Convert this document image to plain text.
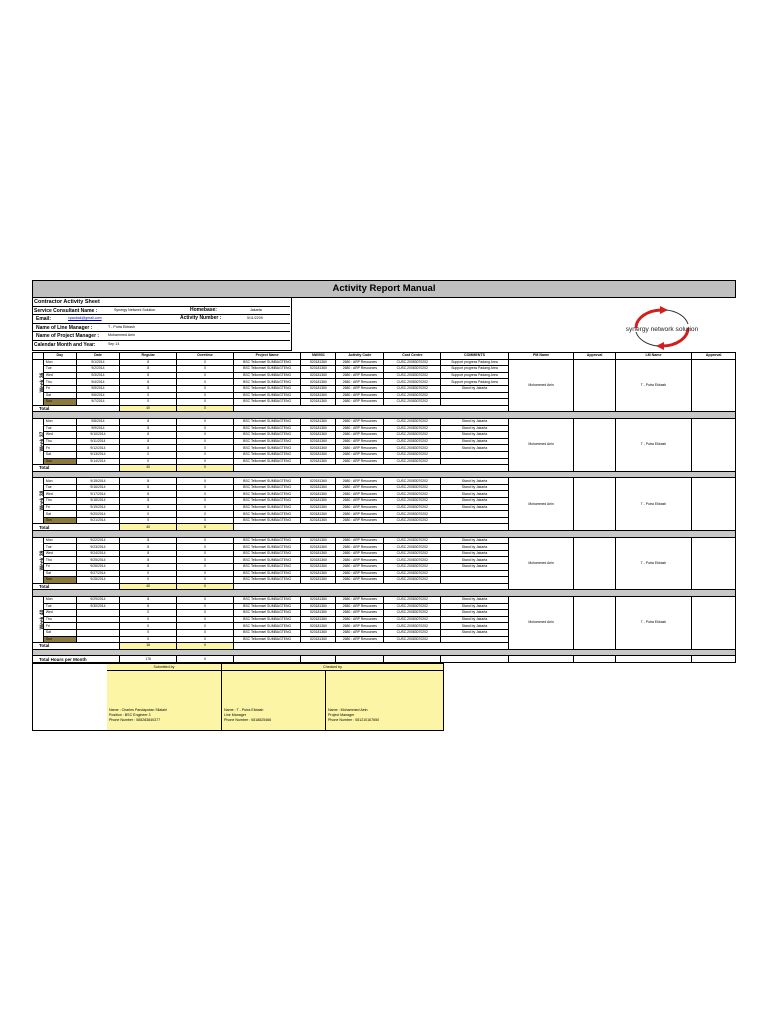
Activity Report Manual
Contractor Activity Sheet
Service Consultant Name :	Synergy Network Solution	Homebase:	Jakarta
Email:	cpaobak@gmail.com	Activity Number :	5/11/2209
Name of Line Manager :	T - Putra Ekbash
Name of Project Manager : Mohammed Aein
Calendar Month and Year:	Sep 14
synergy network solution
	Day	Date	Regular	Overtime	Project Name	NW/001	Activity Code	Cost Centre	COMMENTS	PM Name	Approval	LM Name	Approval
Week 36	Mon	9/1/2014	8	0	BSC Telkomsel SUMBAGTENG	520181360	2680 : ARP Resources	CUSC.20083070202	Support progress Padang Area	Mohammed Aein		T - Putra Ekbash	
	Tue	9/2/2014	8	0	BSC Telkomsel SUMBAGTENG	520181360	2680 : ARP Resources	CUSC.20083070202	Support progress Padang Area				
	Wed	9/3/2014	8	0	BSC Telkomsel SUMBAGTENG	520181360	2680 : ARP Resources	CUSC.20083070202	Support progress Padang Area				
	Thu	9/4/2014	8	0	BSC Telkomsel SUMBAGTENG	520181360	2680 : ARP Resources	CUSC.20083070202	Support progress Padang Area				
	Fri	9/5/2014	8	0	BSC Telkomsel SUMBAGTENG	520181360	2680 : ARP Resources	CUSC.20083070202	Stand by Jakarta				
	Sat	9/6/2014	0	0	BSC Telkomsel SUMBAGTENG	520181360	2680 : ARP Resources	CUSC.20083070202					
	Sun	9/7/2014	0	0	BSC Telkomsel SUMBAGTENG	520181360	2680 : ARP Resources	CUSC.20083070202					
Total			40	0									

Week 37	Mon	9/8/2014	8	0	BSC Telkomsel SUMBAGTENG	520181360	2680 : ARP Resources	CUSC.20083070202	Stand by Jakarta	Mohammed Aein		T - Putra Ekbash	
	Tue	9/9/2014	8	0	BSC Telkomsel SUMBAGTENG	520181360	2680 : ARP Resources	CUSC.20083070202	Stand by Jakarta				
	Wed	9/10/2014	8	0	BSC Telkomsel SUMBAGTENG	520181360	2680 : ARP Resources	CUSC.20083070202	Stand by Jakarta				
	Thu	9/11/2014	8	0	BSC Telkomsel SUMBAGTENG	520181360	2680 : ARP Resources	CUSC.20083070202	Stand by Jakarta				
	Fri	9/12/2014	8	0	BSC Telkomsel SUMBAGTENG	520181360	2680 : ARP Resources	CUSC.20083070202	Stand by Jakarta				
	Sat	9/13/2014	0	0	BSC Telkomsel SUMBAGTENG	520181360	2680 : ARP Resources	CUSC.20083070202					
	Sun	9/14/2014	0	0	BSC Telkomsel SUMBAGTENG	520181360	2680 : ARP Resources	CUSC.20083070202					
Total			40	0									

Week 38	Mon	9/15/2014	8	0	BSC Telkomsel SUMBAGTENG	520181360	2680 : ARP Resources	CUSC.20083070202	Stand by Jakarta	Mohammed Aein		T - Putra Ekbash	
	Tue	9/16/2014	8	0	BSC Telkomsel SUMBAGTENG	520181360	2680 : ARP Resources	CUSC.20083070202	Stand by Jakarta				
	Wed	9/17/2014	8	0	BSC Telkomsel SUMBAGTENG	520181360	2680 : ARP Resources	CUSC.20083070202	Stand by Jakarta				
	Thu	9/18/2014	8	0	BSC Telkomsel SUMBAGTENG	520181360	2680 : ARP Resources	CUSC.20083070202	Stand by Jakarta				
	Fri	9/19/2014	8	0	BSC Telkomsel SUMBAGTENG	520181360	2680 : ARP Resources	CUSC.20083070202	Stand by Jakarta				
	Sat	9/20/2014	0	0	BSC Telkomsel SUMBAGTENG	520181360	2680 : ARP Resources	CUSC.20083070202					
	Sun	9/21/2014	0	0	BSC Telkomsel SUMBAGTENG	520181360	2680 : ARP Resources	CUSC.20083070202					
Total			40	0									

Week 39	Mon	9/22/2014	8	0	BSC Telkomsel SUMBAGTENG	520181360	2680 : ARP Resources	CUSC.20083070202	Stand by Jakarta	Mohammed Aein		T - Putra Ekbash	
	Tue	9/23/2014	8	0	BSC Telkomsel SUMBAGTENG	520181360	2680 : ARP Resources	CUSC.20083070202	Stand by Jakarta				
	Wed	9/24/2014	8	0	BSC Telkomsel SUMBAGTENG	520181360	2680 : ARP Resources	CUSC.20083070202	Stand by Jakarta				
	Thu	9/25/2014	8	0	BSC Telkomsel SUMBAGTENG	520181360	2680 : ARP Resources	CUSC.20083070202	Stand by Jakarta				
	Fri	9/26/2014	8	0	BSC Telkomsel SUMBAGTENG	520181360	2680 : ARP Resources	CUSC.20083070202	Stand by Jakarta				
	Sat	9/27/2014	0	0	BSC Telkomsel SUMBAGTENG	520181360	2680 : ARP Resources	CUSC.20083070202					
	Sun	9/28/2014	0	0	BSC Telkomsel SUMBAGTENG	520181360	2680 : ARP Resources	CUSC.20083070202					
Total			40	0									

Week 40	Mon	9/29/2014	8	0	BSC Telkomsel SUMBAGTENG	520181360	2680 : ARP Resources	CUSC.20083070202	Stand by Jakarta	Mohammed Aein		T - Putra Ekbash	
	Tue	9/30/2014	8	0	BSC Telkomsel SUMBAGTENG	520181360	2680 : ARP Resources	CUSC.20083070202	Stand by Jakarta				
	Wed		0	0	BSC Telkomsel SUMBAGTENG	520181360	2680 : ARP Resources	CUSC.20083070202	Stand by Jakarta				
	Thu		0	0	BSC Telkomsel SUMBAGTENG	520181360	2680 : ARP Resources	CUSC.20083070202	Stand by Jakarta				
	Fri		0	0	BSC Telkomsel SUMBAGTENG	520181360	2680 : ARP Resources	CUSC.20083070202	Stand by Jakarta				
	Sat		0	0	BSC Telkomsel SUMBAGTENG	520181360	2680 : ARP Resources	CUSC.20083070202	Stand by Jakarta				
	Sun		0	0	BSC Telkomsel SUMBAGTENG	520181360	2680 : ARP Resources	CUSC.20083070202					
Total			16	0									

Total Hours per Month			176	0									
Submitted by	Checked by
Name : Charles Pandapotan Silalahi
Position : BSC Engineer 3
Phone Number : 085283840377
Name : T - Putra Ekbash
Line Manager
Phone Number : 0818825466
Name : Mohammed Aein
Project Manager
Phone Number : 081210167650
